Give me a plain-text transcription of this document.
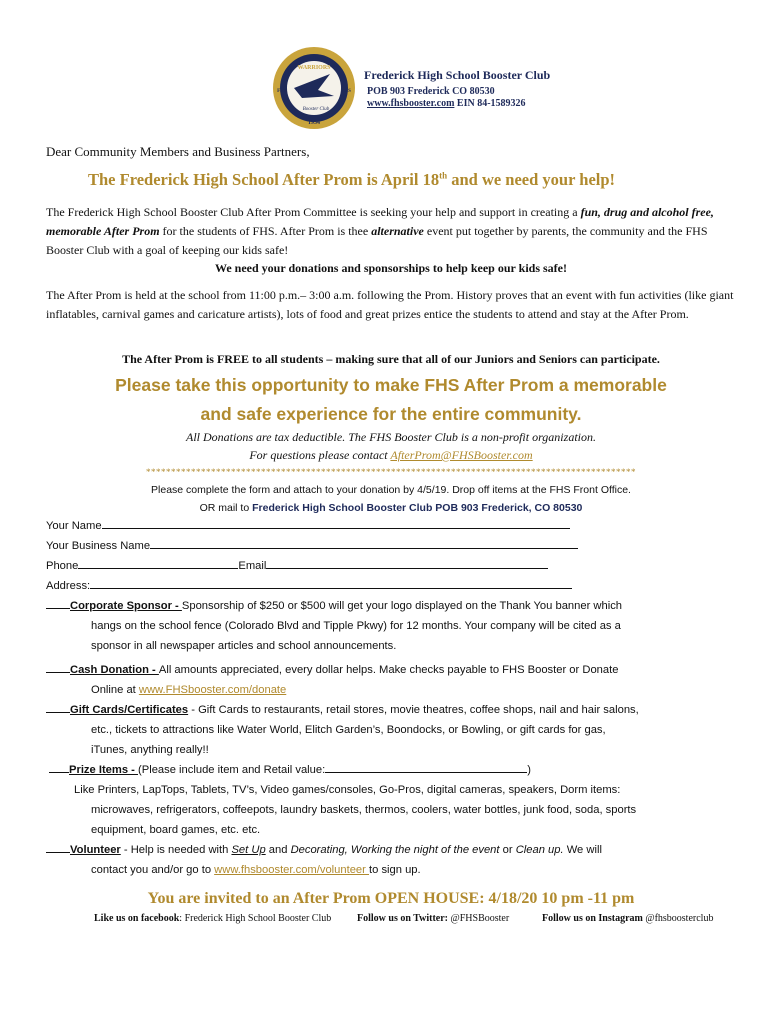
FHS
WARRIORS
FHS	FHS
Booster Club
1954
Frederick High School Booster Club
POB 903 Frederick CO 80530
www.fhsbooster.com EIN 84-1589326
Dear Community Members and Business Partners,
The Frederick High School After Prom is April 18th and we need your help!
The Frederick High School Booster Club After Prom Committee is seeking your help and support in creating a fun, drug and alcohol free, memorable After Prom for the students of FHS. After Prom is thee alternative event put together by parents, the community and the FHS Booster Club with a goal of keeping our kids safe!
We need your donations and sponsorships to help keep our kids safe!
The After Prom is held at the school from 11:00 p.m.– 3:00 a.m. following the Prom. History proves that an event with fun activities (like giant inflatables, carnival games and caricature artists), lots of food and great prizes entice the students to attend and stay at the After Prom.
The After Prom is FREE to all students – making sure that all of our Juniors and Seniors can participate.
Please take this opportunity to make FHS After Prom a memorable
and safe experience for the entire community.
All Donations are tax deductible. The FHS Booster Club is a non-profit organization.
For questions please contact AfterProm@FHSBooster.com
**************************************************************************************************
Please complete the form and attach to your donation by 4/5/19. Drop off items at the FHS Front Office.
OR mail to Frederick High School Booster Club POB 903 Frederick, CO 80530
Your Name
Your Business Name
Phone	Email
Address:
Corporate Sponsor - Sponsorship of $250 or $500 will get your logo displayed on the Thank You banner which
hangs on the school fence (Colorado Blvd and Tipple Pkwy) for 12 months. Your company will be cited as a
sponsor in all newspaper articles and school announcements.
Cash Donation - All amounts appreciated, every dollar helps. Make checks payable to FHS Booster or Donate
Online at www.FHSbooster.com/donate
Gift Cards/Certificates - Gift Cards to restaurants, retail stores, movie theatres, coffee shops, nail and hair salons,
etc., tickets to attractions like Water World, Elitch Garden’s, Boondocks, or Bowling, or gift cards for gas,
iTunes, anything really!!
Prize Items - (Please include item and Retail value:	)
Like Printers, LapTops, Tablets, TV’s, Video games/consoles, Go-Pros, digital cameras, speakers, Dorm items:
microwaves, refrigerators, coffeepots, laundry baskets, thermos, coolers, water bottles, junk food, soda, sports
equipment, board games, etc. etc.
Volunteer - Help is needed with Set Up and Decorating, Working the night of the event or Clean up. We will
contact you and/or go to www.fhsbooster.com/volunteer to sign up.
You are invited to an After Prom OPEN HOUSE: 4/18/20 10 pm -11 pm
Like us on facebook: Frederick High School Booster Club	Follow us on Twitter: @FHSBooster	Follow us on Instagram @fhsboosterclub
